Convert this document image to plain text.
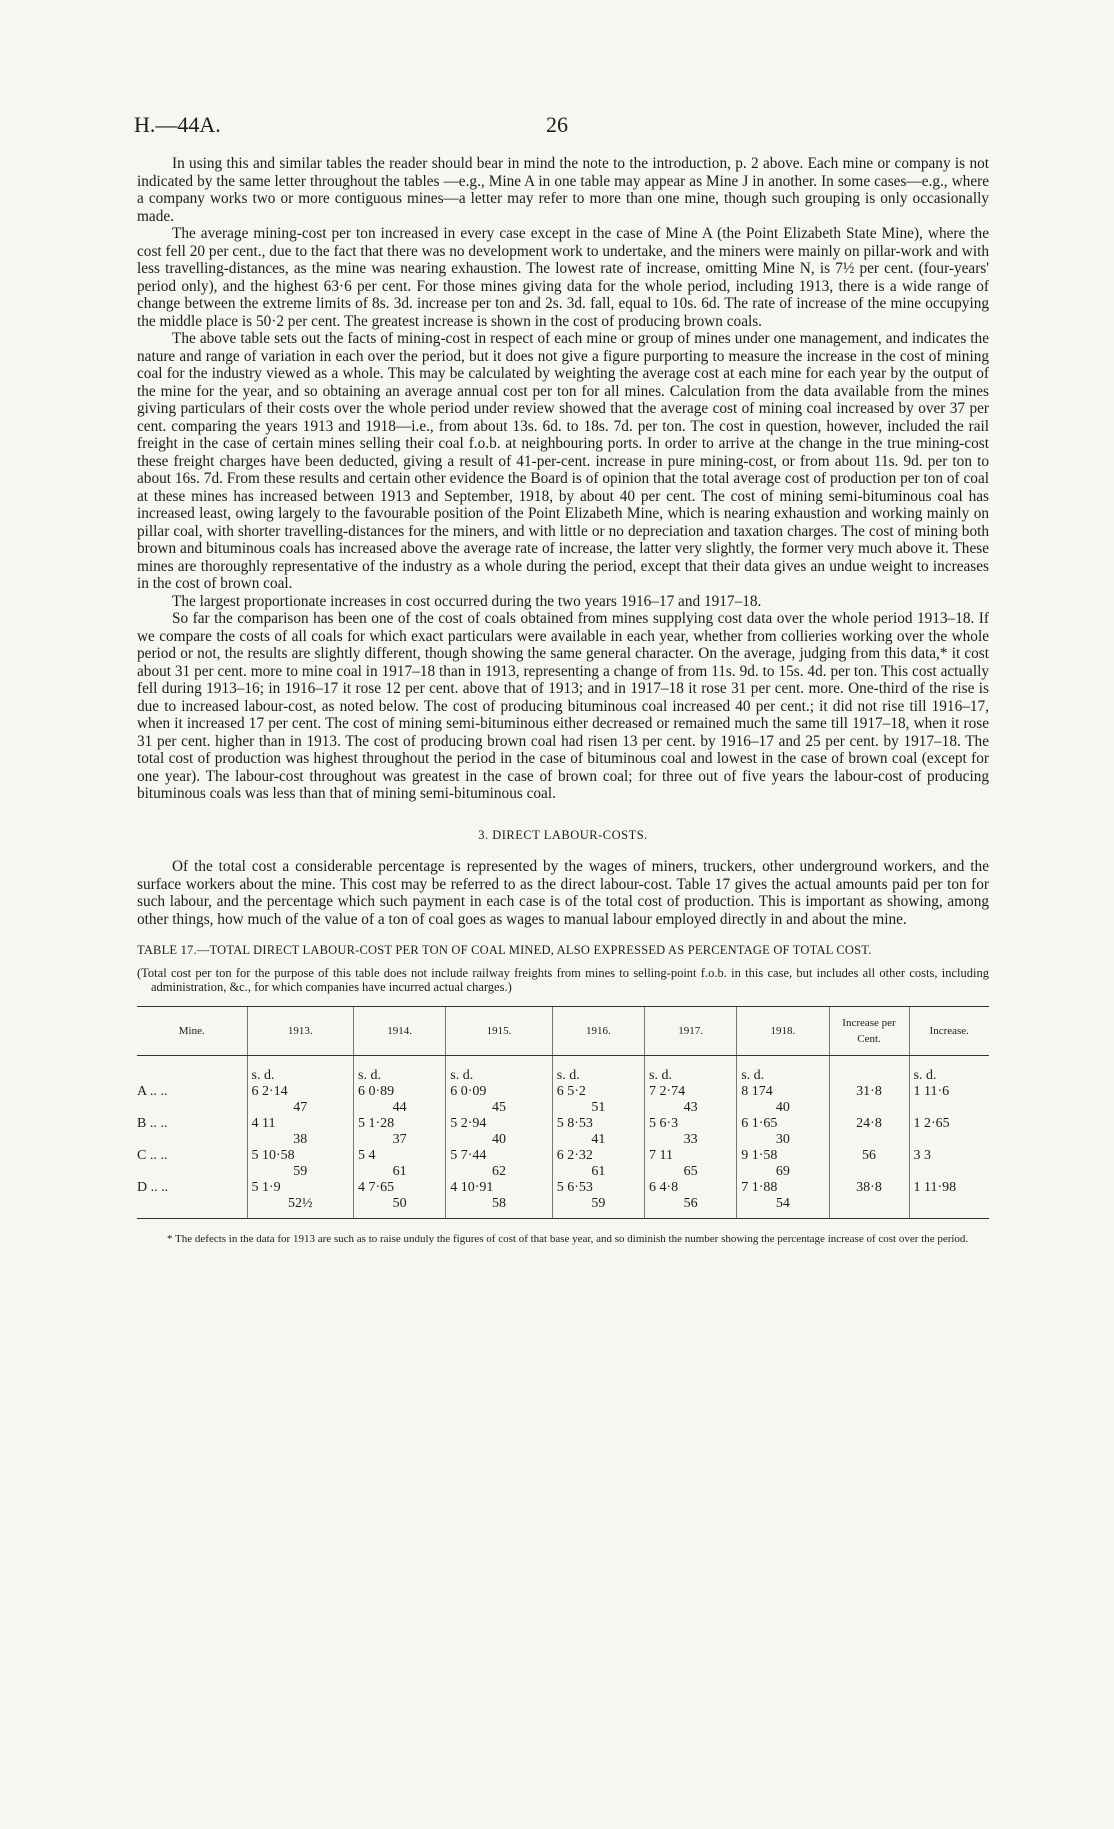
H.—44A.	26

In using this and similar tables the reader should bear in mind the note to the introduction, p. 2 above. Each mine or company is not indicated by the same letter throughout the tables —e.g., Mine A in one table may appear as Mine J in another. In some cases—e.g., where a company works two or more contiguous mines—a letter may refer to more than one mine, though such grouping is only occasionally made.

The average mining-cost per ton increased in every case except in the case of Mine A (the Point Elizabeth State Mine), where the cost fell 20 per cent., due to the fact that there was no development work to undertake, and the miners were mainly on pillar-work and with less travelling-distances, as the mine was nearing exhaustion. The lowest rate of increase, omitting Mine N, is 7½ per cent. (four-years' period only), and the highest 63·6 per cent. For those mines giving data for the whole period, including 1913, there is a wide range of change between the extreme limits of 8s. 3d. increase per ton and 2s. 3d. fall, equal to 10s. 6d. The rate of increase of the mine occupying the middle place is 50·2 per cent. The greatest increase is shown in the cost of producing brown coals.

The above table sets out the facts of mining-cost in respect of each mine or group of mines under one management, and indicates the nature and range of variation in each over the period, but it does not give a figure purporting to measure the increase in the cost of mining coal for the industry viewed as a whole. This may be calculated by weighting the average cost at each mine for each year by the output of the mine for the year, and so obtaining an average annual cost per ton for all mines. Calculation from the data available from the mines giving particulars of their costs over the whole period under review showed that the average cost of mining coal increased by over 37 per cent. comparing the years 1913 and 1918—i.e., from about 13s. 6d. to 18s. 7d. per ton. The cost in question, however, included the rail freight in the case of certain mines selling their coal f.o.b. at neighbouring ports. In order to arrive at the change in the true mining-cost these freight charges have been deducted, giving a result of 41-per-cent. increase in pure mining-cost, or from about 11s. 9d. per ton to about 16s. 7d. From these results and certain other evidence the Board is of opinion that the total average cost of production per ton of coal at these mines has increased between 1913 and September, 1918, by about 40 per cent. The cost of mining semi-bituminous coal has increased least, owing largely to the favourable position of the Point Elizabeth Mine, which is nearing exhaustion and working mainly on pillar coal, with shorter travelling-distances for the miners, and with little or no depreciation and taxation charges. The cost of mining both brown and bituminous coals has increased above the average rate of increase, the latter very slightly, the former very much above it. These mines are thoroughly representative of the industry as a whole during the period, except that their data gives an undue weight to increases in the cost of brown coal.

The largest proportionate increases in cost occurred during the two years 1916–17 and 1917–18.

So far the comparison has been one of the cost of coals obtained from mines supplying cost data over the whole period 1913–18. If we compare the costs of all coals for which exact particulars were available in each year, whether from collieries working over the whole period or not, the results are slightly different, though showing the same general character. On the average, judging from this data,* it cost about 31 per cent. more to mine coal in 1917–18 than in 1913, representing a change of from 11s. 9d. to 15s. 4d. per ton. This cost actually fell during 1913–16; in 1916–17 it rose 12 per cent. above that of 1913; and in 1917–18 it rose 31 per cent. more. One-third of the rise is due to increased labour-cost, as noted below. The cost of producing bituminous coal increased 40 per cent.; it did not rise till 1916–17, when it increased 17 per cent. The cost of mining semi-bituminous either decreased or remained much the same till 1917–18, when it rose 31 per cent. higher than in 1913. The cost of producing brown coal had risen 13 per cent. by 1916–17 and 25 per cent. by 1917–18. The total cost of production was highest throughout the period in the case of bituminous coal and lowest in the case of brown coal (except for one year). The labour-cost throughout was greatest in the case of brown coal; for three out of five years the labour-cost of producing bituminous coals was less than that of mining semi-bituminous coal.

3. DIRECT LABOUR-COSTS.

Of the total cost a considerable percentage is represented by the wages of miners, truckers, other underground workers, and the surface workers about the mine. This cost may be referred to as the direct labour-cost. Table 17 gives the actual amounts paid per ton for such labour, and the percentage which such payment in each case is of the total cost of production. This is important as showing, among other things, how much of the value of a ton of coal goes as wages to manual labour employed directly in and about the mine.

TABLE 17.—TOTAL DIRECT LABOUR-COST PER TON OF COAL MINED, ALSO EXPRESSED AS PERCENTAGE OF TOTAL COST.
(Total cost per ton for the purpose of this table does not include railway freights from mines to selling-point f.o.b. in this case, but includes all other costs, including administration, &c., for which companies have incurred actual charges.)
Mine.	1913.	1914.	1915.	1916.	1917.	1918.	Increase per Cent.	Increase.

	s. d.	s. d.	s. d.	s. d.	s. d.	s. d.		s. d.
A .. ..	6 2·14	6 0·89	6 0·09	6 5·2	7 2·74	8 174	31·8	1 11·6
	47	44	45	51	43	40		
B .. ..	4 11	5 1·28	5 2·94	5 8·53	5 6·3	6 1·65	24·8	1 2·65
	38	37	40	41	33	30		
C .. ..	5 10·58	5 4	5 7·44	6 2·32	7 11	9 1·58	56	3 3
	59	61	62	61	65	69		
D .. ..	5 1·9	4 7·65	4 10·91	5 6·53	6 4·8	7 1·88	38·8	1 11·98
	52½	50	58	59	56	54		
* The defects in the data for 1913 are such as to raise unduly the figures of cost of that base year, and so diminish the number showing the percentage increase of cost over the period.
